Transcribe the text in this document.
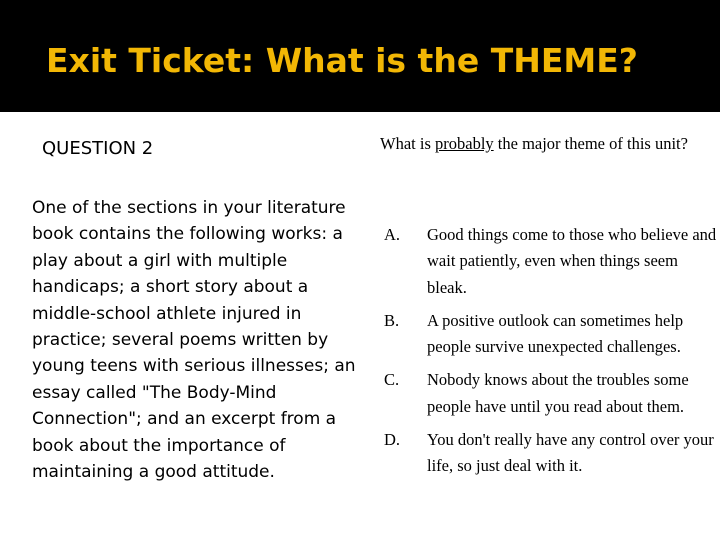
Exit Ticket: What is the THEME?

QUESTION 2

One of the sections in your literature book contains the following works: a play about a girl with multiple handicaps; a short story about a middle-school athlete injured in practice; several poems written by young teens with serious illnesses; an essay called "The Body-Mind Connection"; and an excerpt from a book about the importance of maintaining a good attitude.

What is probably the major theme of this unit?

A.	Good things come to those who believe and wait patiently, even when things seem bleak.
B.	A positive outlook can sometimes help people survive unexpected challenges.
C.	Nobody knows about the troubles some people have until you read about them.
D.	You don't really have any control over your life, so just deal with it.
